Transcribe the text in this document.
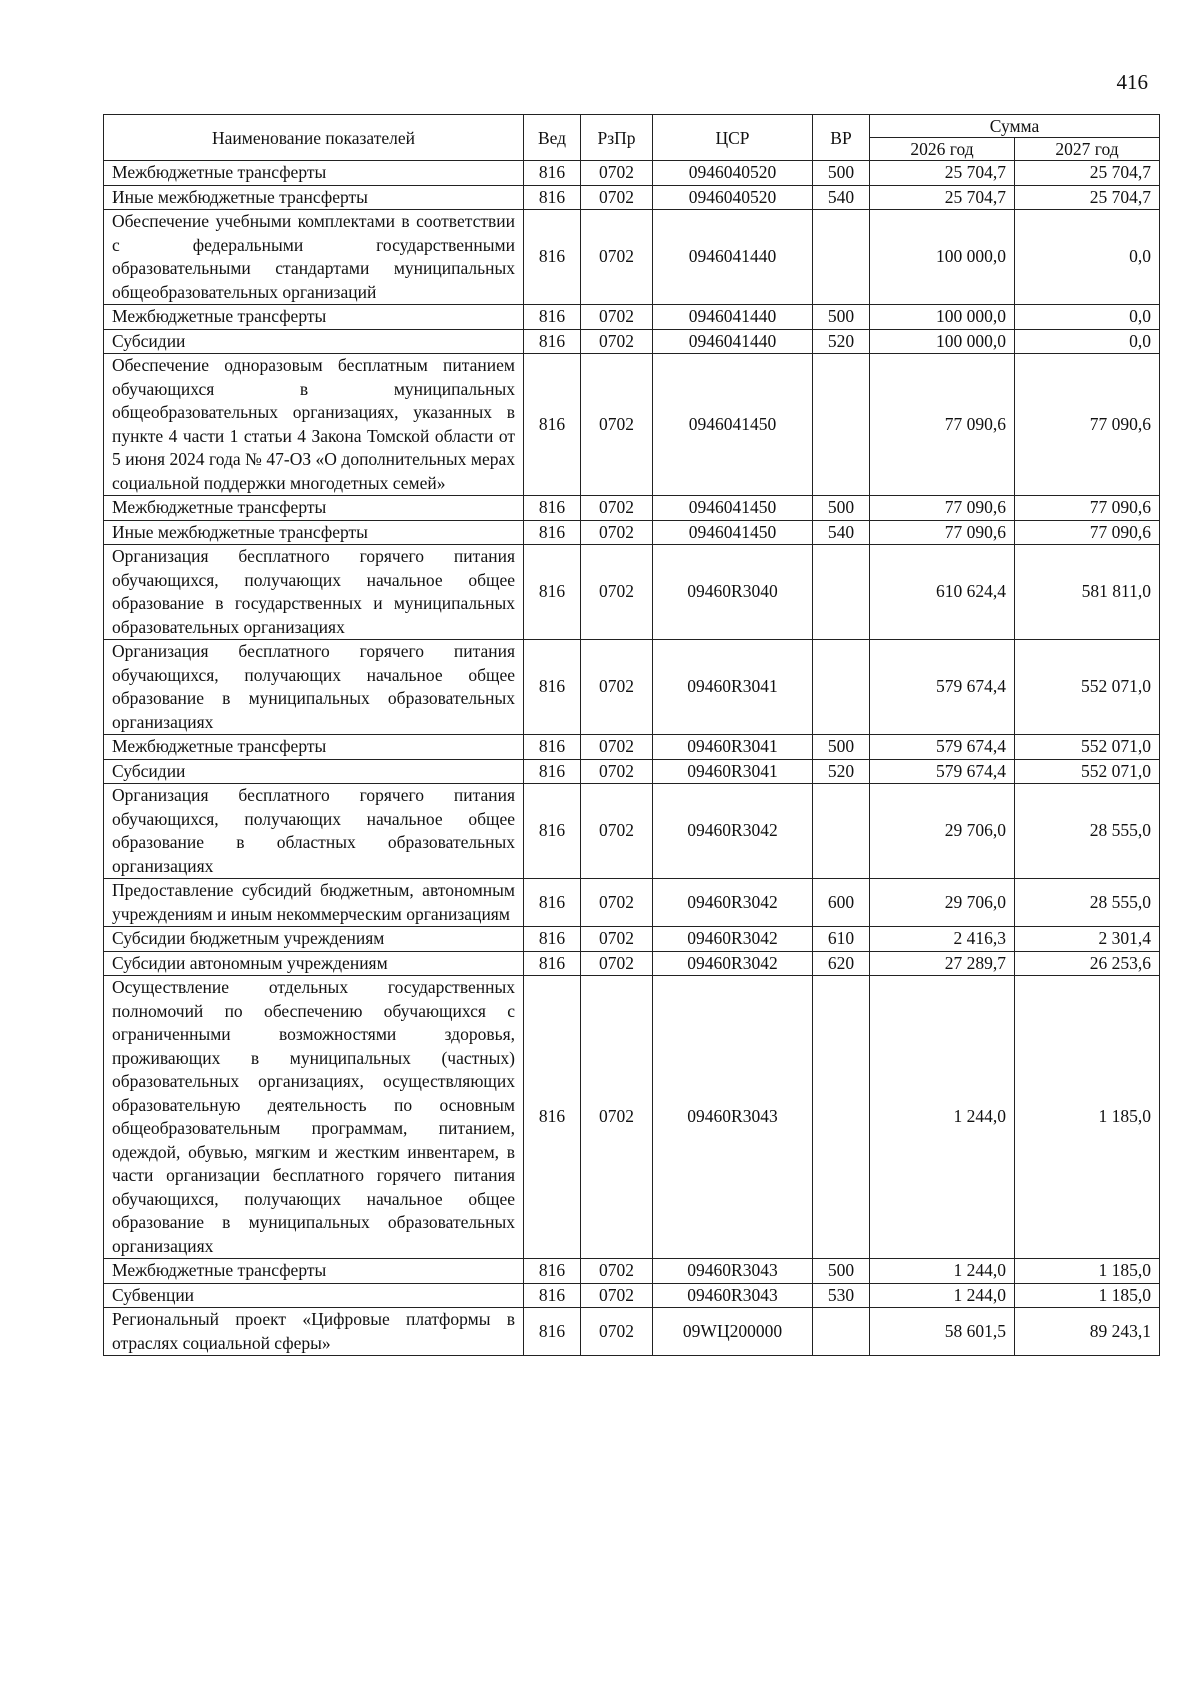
416
Наименование показателей	Вед	РзПр	ЦСР	ВР	Сумма	
					2026 год	2027 год
Межбюджетные трансферты	816	0702	0946040520	500	25 704,7	25 704,7
Иные межбюджетные трансферты	816	0702	0946040520	540	25 704,7	25 704,7
Обеспечение учебными комплектами в соответствии с федеральными государственными образовательными стандартами муниципальных общеобразовательных организаций	816	0702	0946041440		100 000,0	0,0
Межбюджетные трансферты	816	0702	0946041440	500	100 000,0	0,0
Субсидии	816	0702	0946041440	520	100 000,0	0,0
Обеспечение одноразовым бесплатным питанием обучающихся в муниципальных общеобразовательных организациях, указанных в пункте 4 части 1 статьи 4 Закона Томской области от 5 июня 2024 года № 47-ОЗ «О дополнительных мерах социальной поддержки многодетных семей»	816	0702	0946041450		77 090,6	77 090,6
Межбюджетные трансферты	816	0702	0946041450	500	77 090,6	77 090,6
Иные межбюджетные трансферты	816	0702	0946041450	540	77 090,6	77 090,6
Организация бесплатного горячего питания обучающихся, получающих начальное общее образование в государственных и муниципальных образовательных организациях	816	0702	09460R3040		610 624,4	581 811,0
Организация бесплатного горячего питания обучающихся, получающих начальное общее образование в муниципальных образовательных организациях	816	0702	09460R3041		579 674,4	552 071,0
Межбюджетные трансферты	816	0702	09460R3041	500	579 674,4	552 071,0
Субсидии	816	0702	09460R3041	520	579 674,4	552 071,0
Организация бесплатного горячего питания обучающихся, получающих начальное общее образование в областных образовательных организациях	816	0702	09460R3042		29 706,0	28 555,0
Предоставление субсидий бюджетным, автономным учреждениям и иным некоммерческим организациям	816	0702	09460R3042	600	29 706,0	28 555,0
Субсидии бюджетным учреждениям	816	0702	09460R3042	610	2 416,3	2 301,4
Субсидии автономным учреждениям	816	0702	09460R3042	620	27 289,7	26 253,6
Осуществление отдельных государственных полномочий по обеспечению обучающихся с ограниченными возможностями здоровья, проживающих в муниципальных (частных) образовательных организациях, осуществляющих образовательную деятельность по основным общеобразовательным программам, питанием, одеждой, обувью, мягким и жестким инвентарем, в части организации бесплатного горячего питания обучающихся, получающих начальное общее образование в муниципальных образовательных организациях	816	0702	09460R3043		1 244,0	1 185,0
Межбюджетные трансферты	816	0702	09460R3043	500	1 244,0	1 185,0
Субвенции	816	0702	09460R3043	530	1 244,0	1 185,0
Региональный проект «Цифровые платформы в отраслях социальной сферы»	816	0702	09WЦ200000		58 601,5	89 243,1
